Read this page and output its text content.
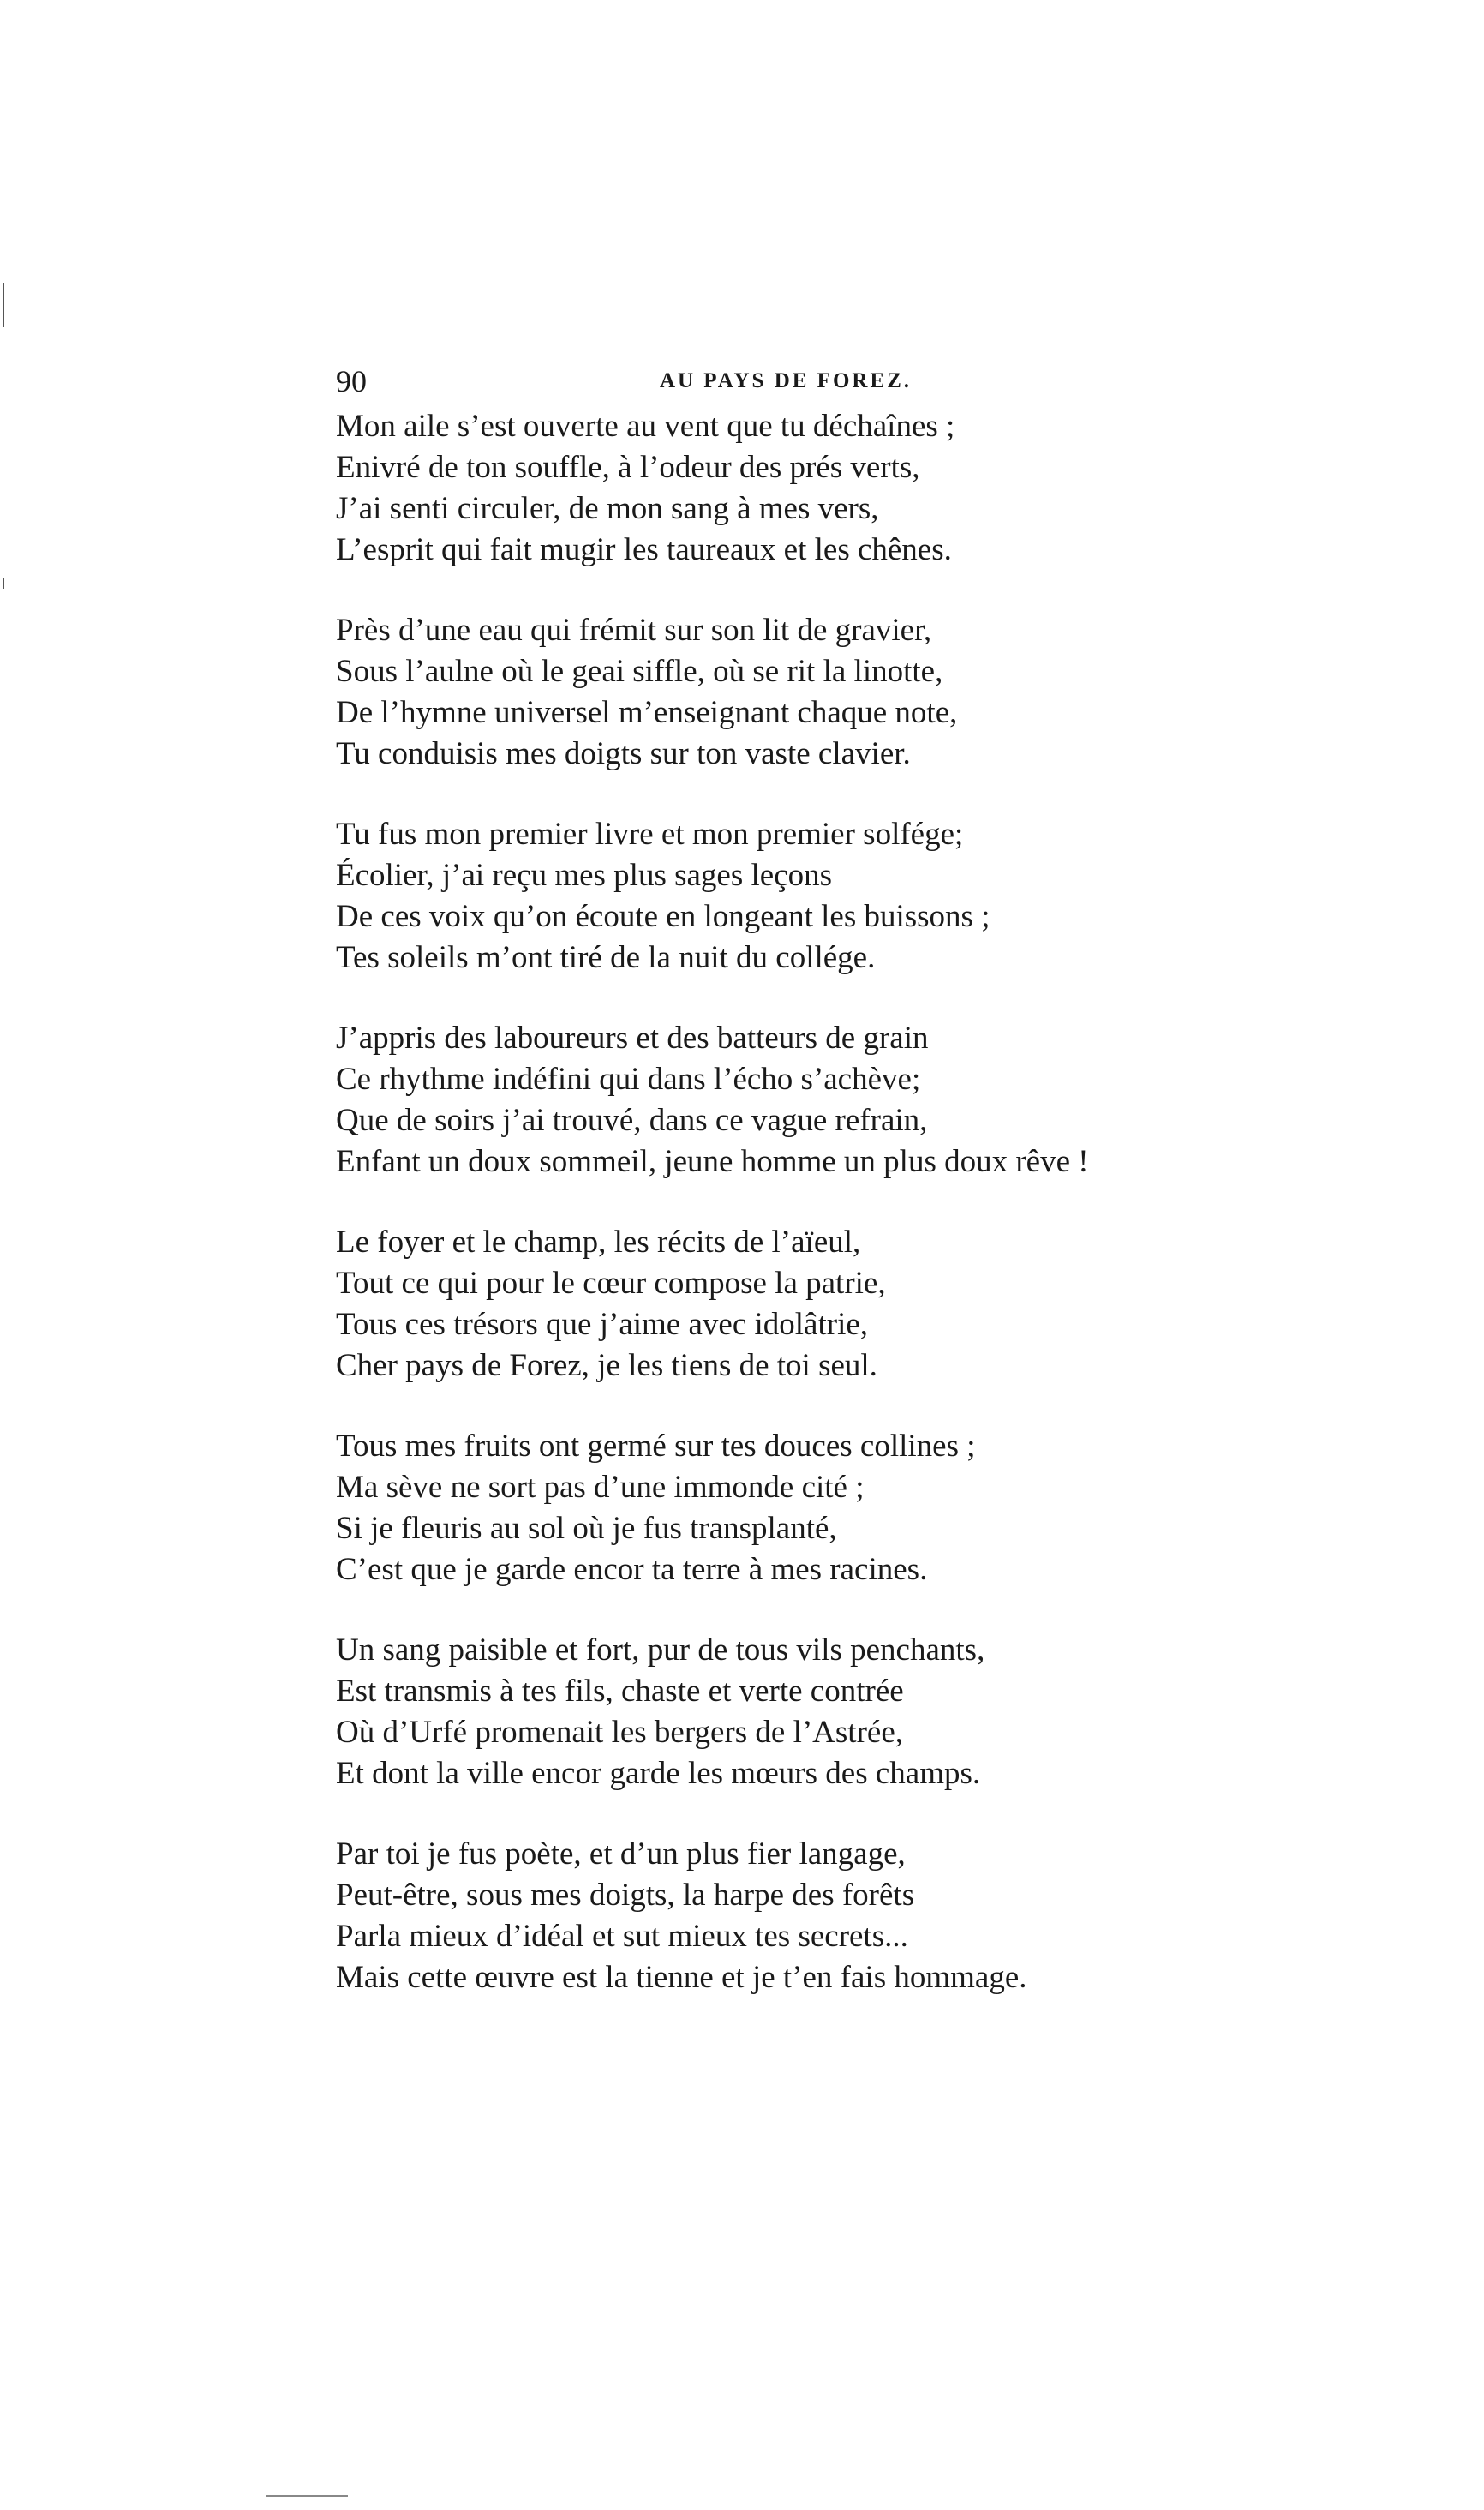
90	AU PAYS DE FOREZ.
Mon aile s’est ouverte au vent que tu déchaînes ;
Enivré de ton souffle, à l’odeur des prés verts,
J’ai senti circuler, de mon sang à mes vers,
L’esprit qui fait mugir les taureaux et les chênes.
Près d’une eau qui frémit sur son lit de gravier,
Sous l’aulne où le geai siffle, où se rit la linotte,
De l’hymne universel m’enseignant chaque note,
Tu conduisis mes doigts sur ton vaste clavier.
Tu fus mon premier livre et mon premier solfége;
Écolier, j’ai reçu mes plus sages leçons
De ces voix qu’on écoute en longeant les buissons ;
Tes soleils m’ont tiré de la nuit du collége.
J’appris des laboureurs et des batteurs de grain
Ce rhythme indéfini qui dans l’écho s’achève;
Que de soirs j’ai trouvé, dans ce vague refrain,
Enfant un doux sommeil, jeune homme un plus doux rêve !
Le foyer et le champ, les récits de l’aïeul,
Tout ce qui pour le cœur compose la patrie,
Tous ces trésors que j’aime avec idolâtrie,
Cher pays de Forez, je les tiens de toi seul.
Tous mes fruits ont germé sur tes douces collines ;
Ma sève ne sort pas d’une immonde cité ;
Si je fleuris au sol où je fus transplanté,
C’est que je garde encor ta terre à mes racines.
Un sang paisible et fort, pur de tous vils penchants,
Est transmis à tes fils, chaste et verte contrée
Où d’Urfé promenait les bergers de l’Astrée,
Et dont la ville encor garde les mœurs des champs.
Par toi je fus poète, et d’un plus fier langage,
Peut-être, sous mes doigts, la harpe des forêts
Parla mieux d’idéal et sut mieux tes secrets...
Mais cette œuvre est la tienne et je t’en fais hommage.
